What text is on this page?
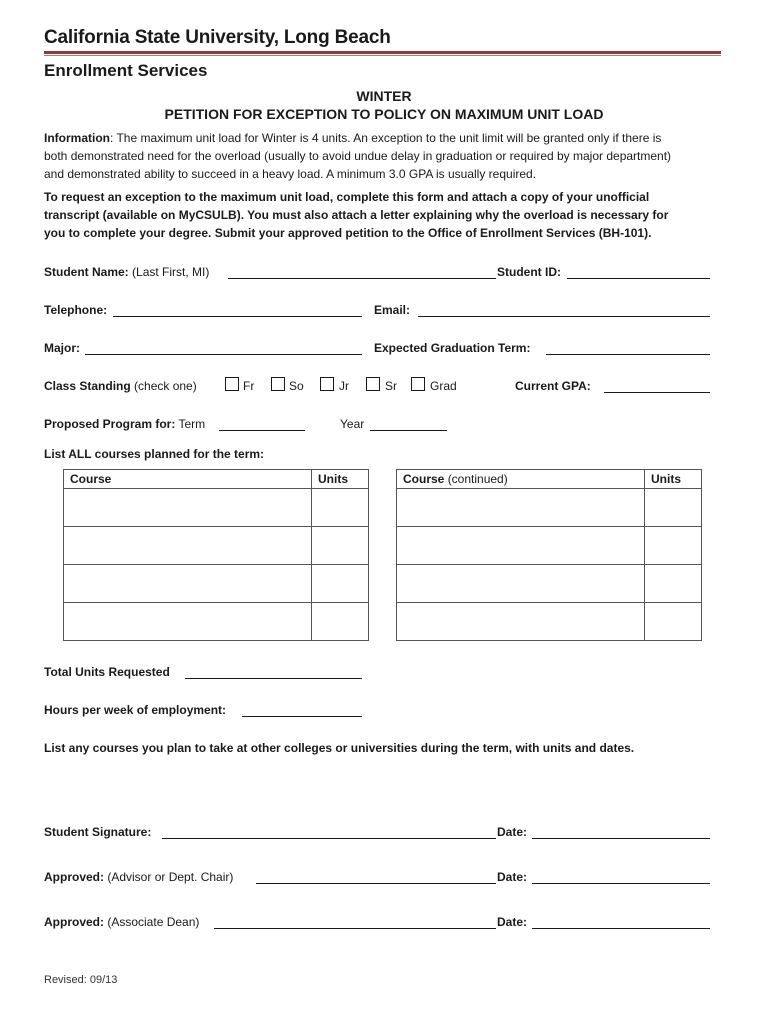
California State University, Long Beach
Enrollment Services
WINTER
PETITION FOR EXCEPTION TO POLICY ON MAXIMUM UNIT LOAD
Information: The maximum unit load for Winter is 4 units. An exception to the unit limit will be granted only if there is
both demonstrated need for the overload (usually to avoid undue delay in graduation or required by major department)
and demonstrated ability to succeed in a heavy load. A minimum 3.0 GPA is usually required.
To request an exception to the maximum unit load, complete this form and attach a copy of your unofficial
transcript (available on MyCSULB). You must also attach a letter explaining why the overload is necessary for
you to complete your degree. Submit your approved petition to the Office of Enrollment Services (BH-101).
Student Name: (Last First, MI)	Student ID:
Telephone:	Email:
Major:	Expected Graduation Term:
Class Standing (check one)	Fr	So	Jr	Sr	Grad	Current GPA:
Proposed Program for: Term	Year
List ALL courses planned for the term:
Course	Units

		Course (continued)	Units

Total Units Requested
Hours per week of employment:
List any courses you plan to take at other colleges or universities during the term, with units and dates.
Student Signature:	Date:
Approved: (Advisor or Dept. Chair)	Date:
Approved: (Associate Dean)	Date:
Revised: 09/13
